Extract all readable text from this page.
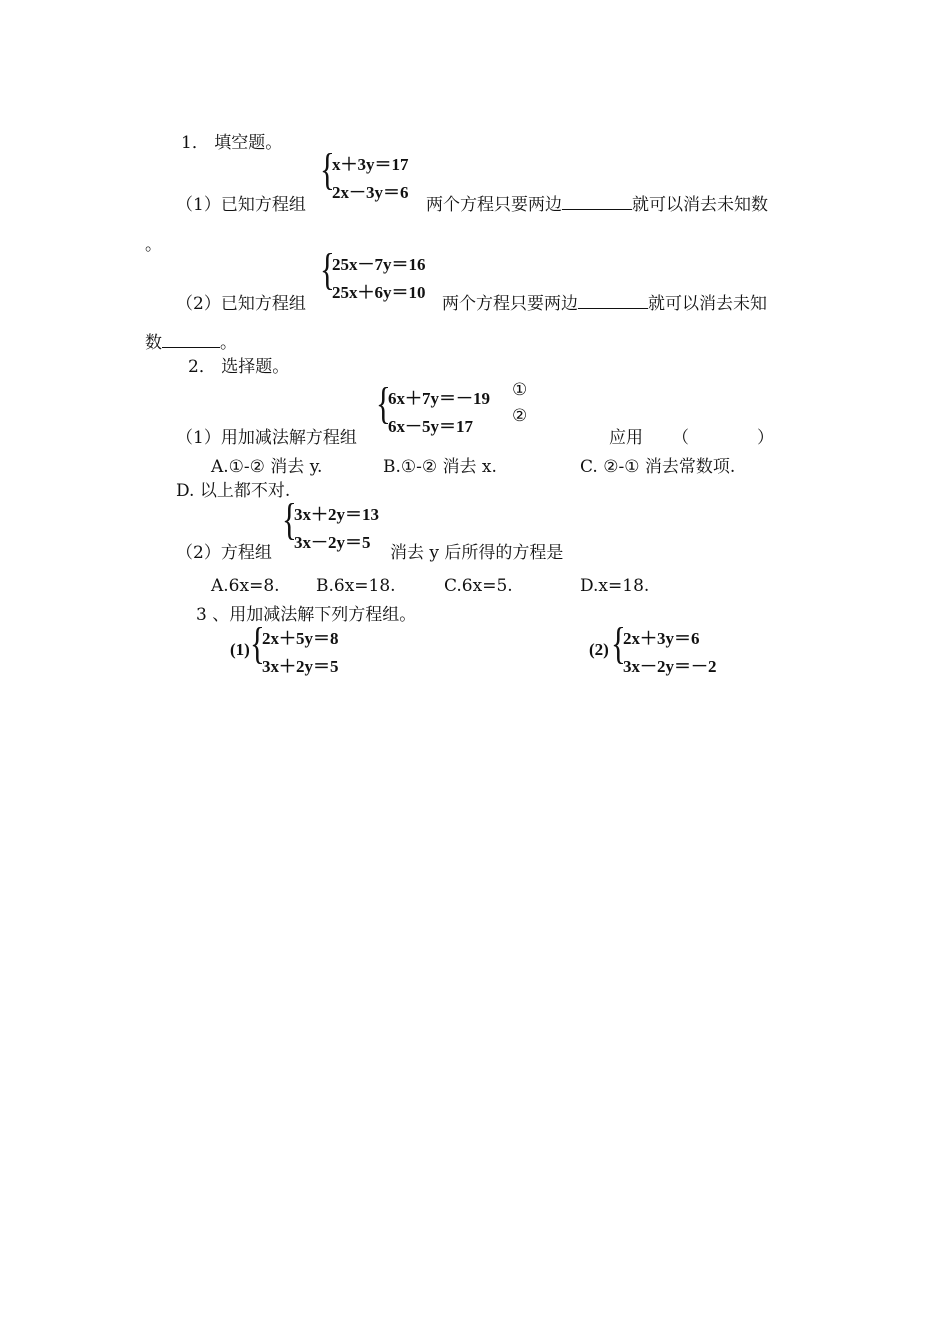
1． 填空题。
{
x＋3y＝17
2x－3y＝6
（1）已知方程组	两个方程只要两边	就可以消去未知数
。	{
25x－7y＝16
25x＋6y＝10
（2）已知方程组	两个方程只要两边	就可以消去未知
数	。
2． 选择题。
{
6x＋7y＝－19
6x－5y＝17
①
②
（1）用加减法解方程组	应用 （　　　　）
A.①-② 消去 y.	B.①-② 消去 x.	C. ②-① 消去常数项.
D. 以上都不对.
{
3x＋2y＝13
3x－2y＝5
（2）方程组	消去 y 后所得的方程是
A.6x=8. B.6x=18.	C.6x=5.	D.x=18.
3 、用加减法解下列方程组。
(1) {
2x＋5y＝8
3x＋2y＝5
(2) {
2x＋3y＝6
3x－2y＝－2
